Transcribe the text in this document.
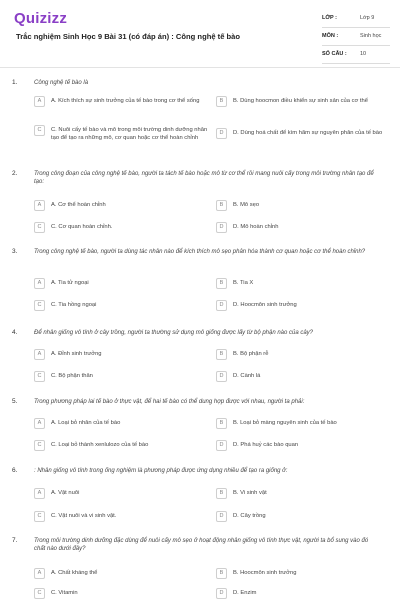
Quizizz
Trắc nghiệm Sinh Học 9 Bài 31 (có đáp án) : Công nghệ tế bào
LỚP :	Lớp 9
MÔN :	Sinh học
SỐ CÂU : 10
1.	Công nghệ tế bào là
A	A. Kích thích sự sinh trưởng của tế bào trong cơ thể sống	B	B. Dùng hoocmon điều khiển sự sinh sản của cơ thể
C	C. Nuôi cấy tế bào và mô trong môi trường dinh dưỡng nhân tạo để tạo ra những mô, cơ quan hoặc cơ thể hoàn chỉnh
D	D. Dùng hoá chất để kìm hãm sự nguyên phân của tế bào
2.	Trong công đoạn của công nghệ tế bào, người ta tách tế bào hoặc mô từ cơ thể rồi mang nuôi cấy trong môi trường nhân tạo để tạo:
A	A. Cơ thể hoàn chỉnh	B	B. Mô sẹo
C	C. Cơ quan hoàn chỉnh.	D	D. Mô hoàn chỉnh
3.	Trong công nghệ tế bào, người ta dùng tác nhân nào để kích thích mô sẹo phân hóa thành cơ quan hoặc cơ thể hoàn chỉnh?
A	A. Tia tử ngoại	B	B. Tia X
C	C. Tia hồng ngoại	D	D. Hoocmôn sinh trưởng
4.	Để nhân giống vô tính ở cây trồng, người ta thường sử dụng mô giống được lấy từ bộ phận nào của cây?
A	A. Đỉnh sinh trưởng	B	B. Bộ phận rễ
C	C. Bộ phận thân	D	D. Cành lá
5.	Trong phương pháp lai tế bào ở thực vật, để hai tế bào có thể dung hợp được với nhau, người ta phải:
A	A. Loại bỏ nhân của tế bào	B	B. Loại bỏ màng nguyên sinh của tế bào
C	C. Loại bỏ thành xenlulozo của tế bào	D	D. Phá huỷ các bào quan
6.	: Nhân giống vô tính trong ống nghiệm là phương pháp được ứng dụng nhiều để tạo ra giống ở:
A	A. Vật nuôi	B	B. Vi sinh vật
C	C. Vật nuôi và vi sinh vật.	D	D. Cây trồng
7.	Trong môi trường dinh dưỡng đặc dùng để nuôi cấy mô sẹo ở hoạt động nhân giống vô tính thực vật, người ta bổ sung vào đó chất nào dưới đây?
A	A. Chất kháng thể	B	B. Hoocmôn sinh trưởng
C	C. Vitamin	D	D. Enzim
